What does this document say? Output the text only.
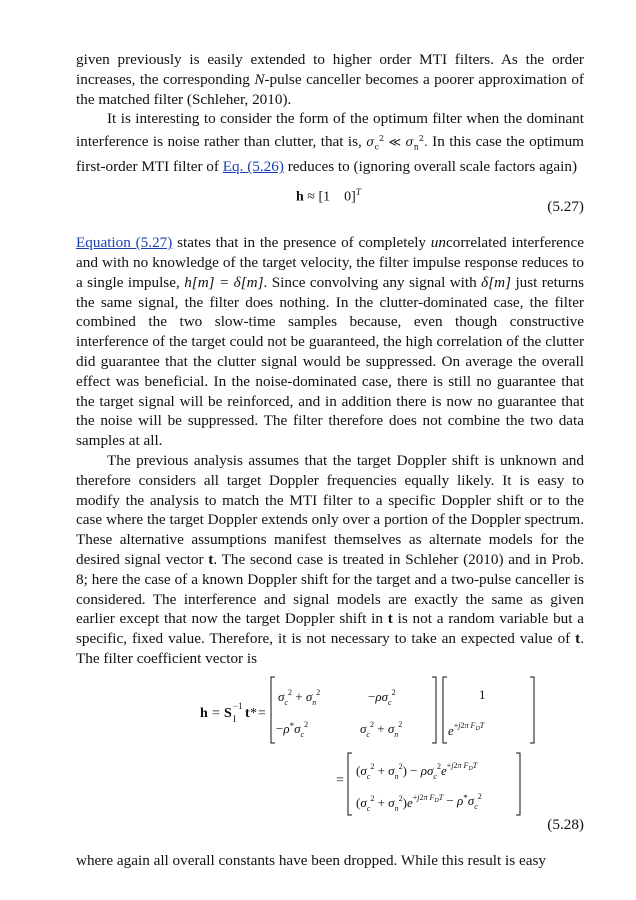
given previously is easily extended to higher order MTI filters. As the order increases, the corresponding N-pulse canceller becomes a poorer approximation of the matched filter (Schleher, 2010).

It is interesting to consider the form of the optimum filter when the dominant interference is noise rather than clutter, that is, $\sigma_c^2$ ≪ $\sigma_n^2$. In this case the optimum first-order MTI filter of Eq. (5.26) reduces to (ignoring overall scale factors again)

h ≈ [1    0]$^T$
(5.27)

Equation (5.27) states that in the presence of completely uncorrelated interference and with no knowledge of the target velocity, the filter impulse response reduces to a single impulse, h[m] = δ[m]. Since convolving any signal with δ[m] just returns the same signal, the filter does nothing. In the clutter-dominated case, the filter combined the two slow-time samples because, even though constructive interference of the target could not be guaranteed, the high correlation of the clutter did guarantee that the clutter signal would be suppressed. On average the overall effect was beneficial. In the noise-dominated case, there is still no guarantee that the target signal will be reinforced, and in addition there is now no guarantee that the noise will be suppressed. The filter therefore does not combine the two data samples at all.

The previous analysis assumes that the target Doppler shift is unknown and therefore considers all target Doppler frequencies equally likely. It is easy to modify the analysis to match the MTI filter to a specific Doppler shift or to the case where the target Doppler extends only over a portion of the Doppler spectrum. These alternative assumptions manifest themselves as alternate models for the desired signal vector t. The second case is treated in Schleher (2010) and in Prob. 8; here the case of a known Doppler shift for the target and a two-pulse canceller is considered. The interference and signal models are exactly the same as given earlier except that now the target Doppler shift in t is not a random variable but a specific, fixed value. Therefore, it is not necessary to take an expected value of t. The filter coefficient vector is

h = S I
−1 t * =
$\sigma_c^2 + \sigma_n^2$	$-\rho\sigma_c^2$
$-\rho^*\sigma_c^2$	$\sigma_c^2 + \sigma_n^2$
1
e+j2π FDT
=
$(\sigma_c^2 + \sigma_n^2) - \rho\sigma_c^2e^+j2\pi$ FDT
$(\sigma_c^2 + \sigma_n^2)e^+j2\pi$ FDT − $\rho^*\sigma_c^2$
(5.28)

where again all overall constants have been dropped. While this result is easy
